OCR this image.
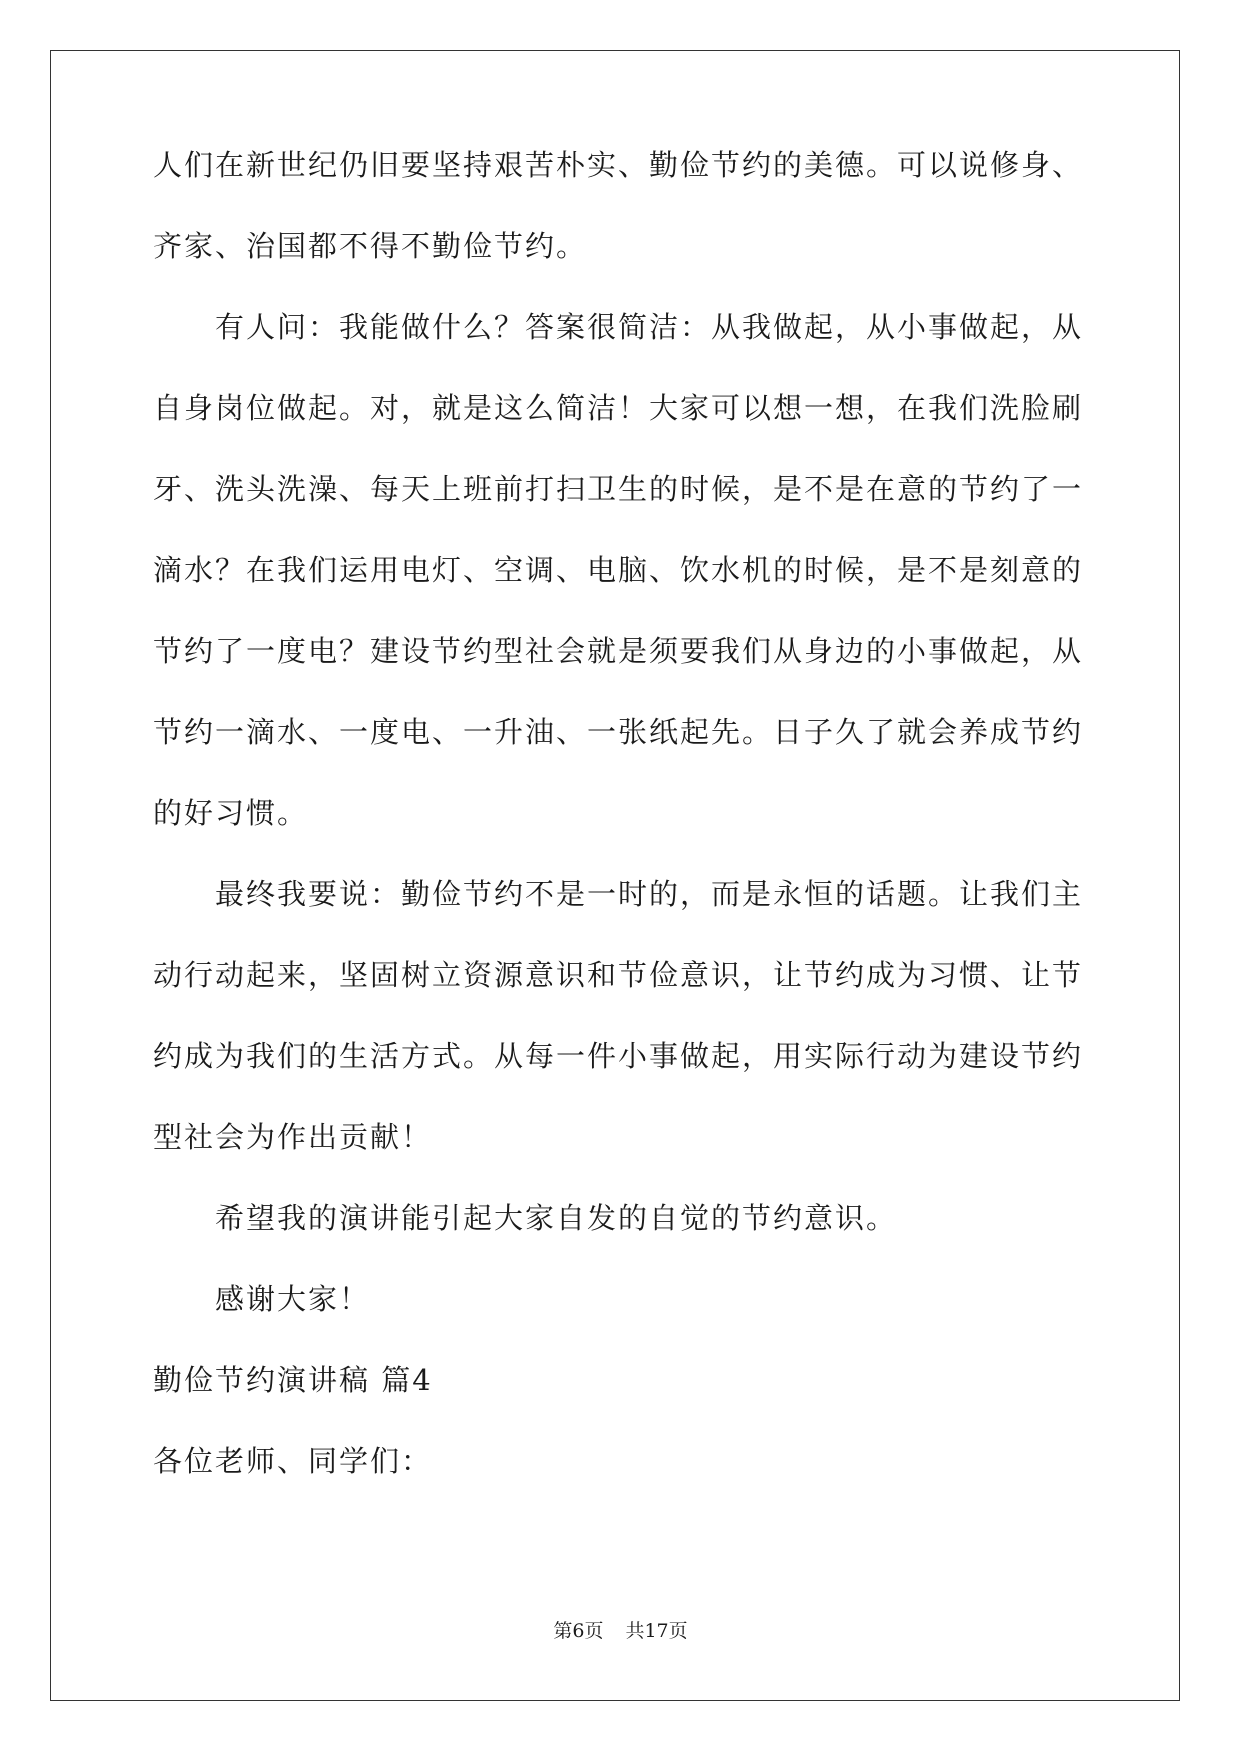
人们在新世纪仍旧要坚持艰苦朴实、勤俭节约的美德。可以说修身、
齐家、治国都不得不勤俭节约。
有人问：我能做什么？答案很简洁：从我做起，从小事做起，从
自身岗位做起。对，就是这么简洁！大家可以想一想，在我们洗脸刷
牙、洗头洗澡、每天上班前打扫卫生的时候，是不是在意的节约了一
滴水？在我们运用电灯、空调、电脑、饮水机的时候，是不是刻意的
节约了一度电？建设节约型社会就是须要我们从身边的小事做起，从
节约一滴水、一度电、一升油、一张纸起先。日子久了就会养成节约
的好习惯。
最终我要说：勤俭节约不是一时的，而是永恒的话题。让我们主
动行动起来，坚固树立资源意识和节俭意识，让节约成为习惯、让节
约成为我们的生活方式。从每一件小事做起，用实际行动为建设节约
型社会为作出贡献！
希望我的演讲能引起大家自发的自觉的节约意识。
感谢大家！
勤俭节约演讲稿 篇4
各位老师、同学们：
第6页 共17页
